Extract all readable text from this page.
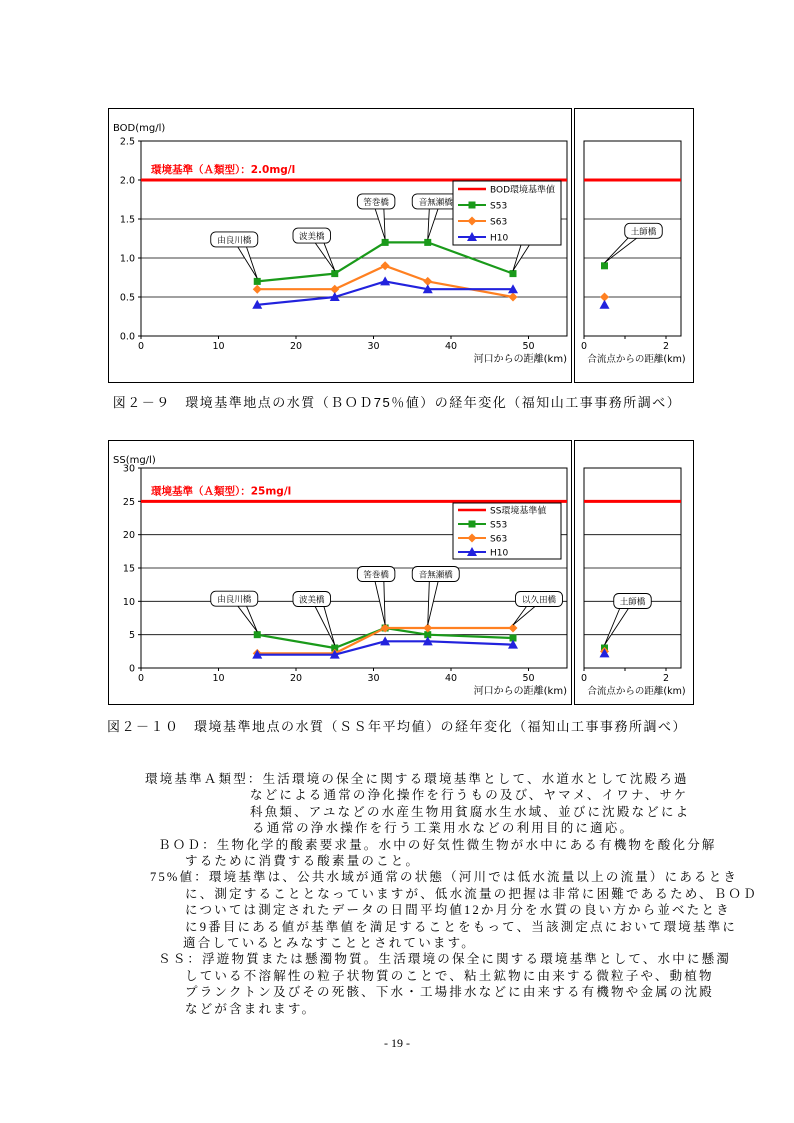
0.0
0.5
1.0
1.5
2.0
2.5
0	10	20	30	40	50
河口からの距離(km)
BOD(mg/l)
環境基準（Ａ類型）：2.0mg/l
由良川橋	波美橋
筈巻橋	音無瀬橋
BOD環境基準値
S53
S63
H10
0	2
合流点からの距離(km)
土師橋
図２－９　環境基準地点の水質（ＢＯＤ75％値）の経年変化（福知山工事事務所調べ）
0
5
10
15
20
25
30
0	10	20	30	40	50
河口からの距離(km)
SS(mg/l)
環境基準（Ａ類型）：25mg/l
由良川橋	波美橋
筈巻橋	音無瀬橋
以久田橋
SS環境基準値
S53
S63
H10
0	2
合流点からの距離(km)
土師橋
図２－１０　環境基準地点の水質（ＳＳ年平均値）の経年変化（福知山工事事務所調べ）
環境基準Ａ類型：生活環境の保全に関する環境基準として、水道水として沈殿ろ過
などによる通常の浄化操作を行うもの及び、ヤマメ、イワナ、サケ
科魚類、アユなどの水産生物用貧腐水生水域、並びに沈殿などによ
る通常の浄水操作を行う工業用水などの利用目的に適応。
ＢＯＤ：生物化学的酸素要求量。水中の好気性微生物が水中にある有機物を酸化分解
するために消費する酸素量のこと。
75%値：環境基準は、公共水域が通常の状態（河川では低水流量以上の流量）にあるとき
に、測定することとなっていますが、低水流量の把握は非常に困難であるため、ＢＯＤ
については測定されたデータの日間平均値12か月分を水質の良い方から並べたとき
に9番目にある値が基準値を満足することをもって、当該測定点において環境基準に
適合しているとみなすこととされています。
ＳＳ：浮遊物質または懸濁物質。生活環境の保全に関する環境基準として、水中に懸濁
している不溶解性の粒子状物質のことで、粘土鉱物に由来する微粒子や、動植物
プランクトン及びその死骸、下水・工場排水などに由来する有機物や金属の沈殿
などが含まれます。
- 19 -
